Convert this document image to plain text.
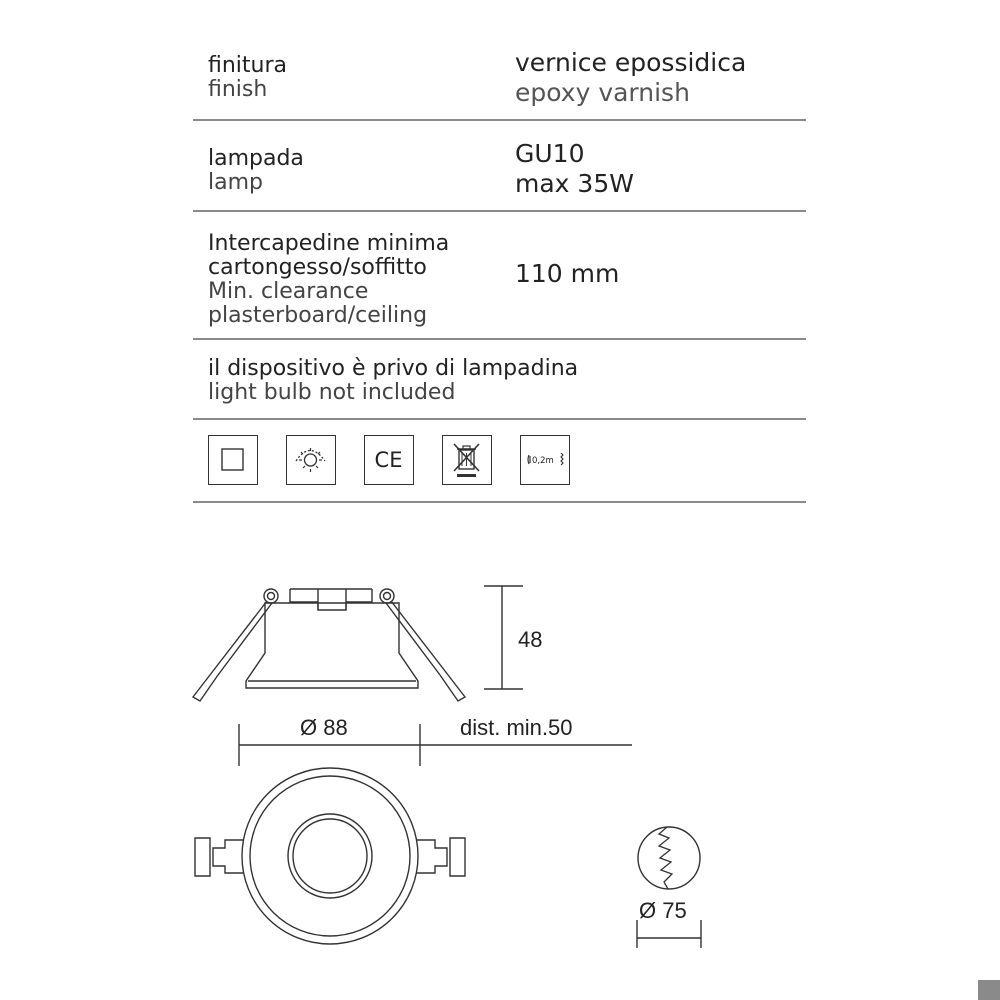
finitura
finish
vernice epossidica
epoxy varnish
lampada
lamp
GU10
max 35W
Intercapedine minima
cartongesso/soffitto
Min. clearance
plasterboard/ceiling
110 mm
il dispositivo è privo di lampadina
light bulb not included
CE	0,2m
48
Ø 88	dist. min.50
Ø 75
